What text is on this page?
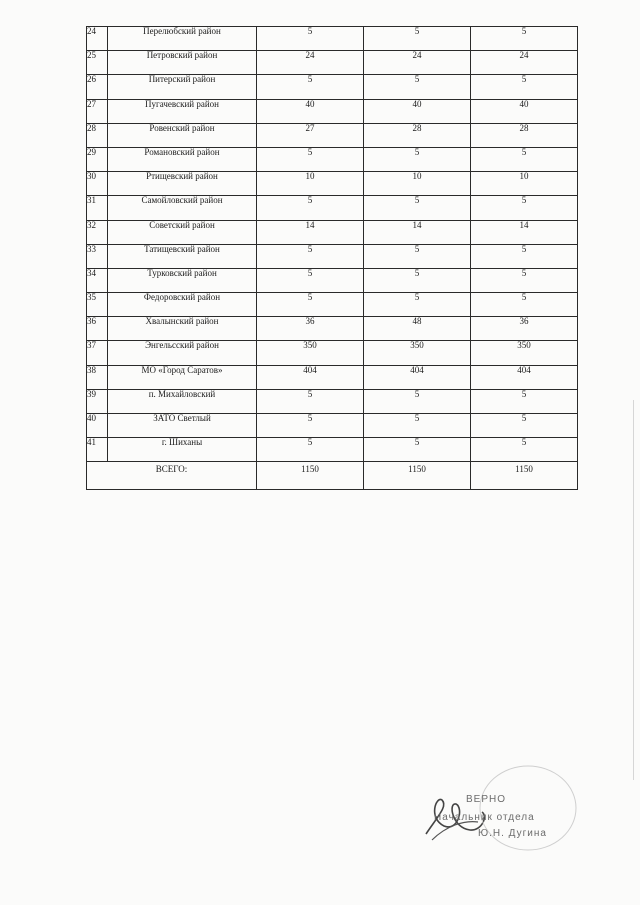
24	Перелюбский район	5	5	5
25	Петровский район	24	24	24
26	Питерский район	5	5	5
27	Пугачевский район	40	40	40
28	Ровенский район	27	28	28
29	Романовский район	5	5	5
30	Ртищевский район	10	10	10
31	Самойловский район	5	5	5
32	Советский район	14	14	14
33	Татищевский район	5	5	5
34	Турковский район	5	5	5
35	Федоровский район	5	5	5
36	Хвалынский район	36	48	36
37	Энгельсский район	350	350	350
38	МО «Город Саратов»	404	404	404
39	п. Михайловский	5	5	5
40	ЗАТО Светлый	5	5	5
41	г. Шиханы	5	5	5
ВСЕГО:		1150	1150	1150
ВЕРНО
Начальник отдела
Ю.Н. Дугина
